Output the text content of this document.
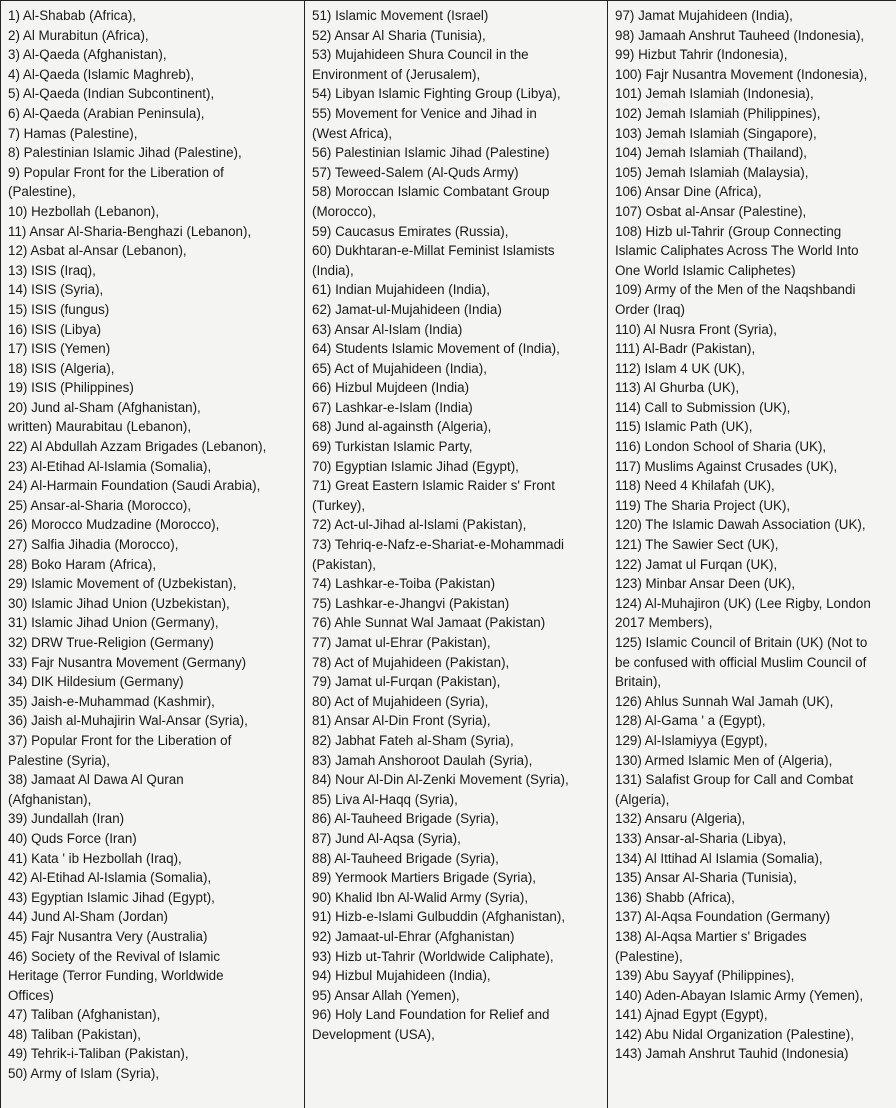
1) Al-Shabab (Africa),
2) Al Murabitun (Africa),
3) Al-Qaeda (Afghanistan),
4) Al-Qaeda (Islamic Maghreb),
5) Al-Qaeda (Indian Subcontinent),
6) Al-Qaeda (Arabian Peninsula),
7) Hamas (Palestine),
8) Palestinian Islamic Jihad (Palestine),
9) Popular Front for the Liberation of
(Palestine),
10) Hezbollah (Lebanon),
11) Ansar Al-Sharia-Benghazi (Lebanon),
12) Asbat al-Ansar (Lebanon),
13) ISIS (Iraq),
14) ISIS (Syria),
15) ISIS (fungus)
16) ISIS (Libya)
17) ISIS (Yemen)
18) ISIS (Algeria),
19) ISIS (Philippines)
20) Jund al-Sham (Afghanistan),
written) Maurabitau (Lebanon),
22) Al Abdullah Azzam Brigades (Lebanon),
23) Al-Etihad Al-Islamia (Somalia),
24) Al-Harmain Foundation (Saudi Arabia),
25) Ansar-al-Sharia (Morocco),
26) Morocco Mudzadine (Morocco),
27) Salfia Jihadia (Morocco),
28) Boko Haram (Africa),
29) Islamic Movement of (Uzbekistan),
30) Islamic Jihad Union (Uzbekistan),
31) Islamic Jihad Union (Germany),
32) DRW True-Religion (Germany)
33) Fajr Nusantra Movement (Germany)
34) DIK Hildesium (Germany)
35) Jaish-e-Muhammad (Kashmir),
36) Jaish al-Muhajirin Wal-Ansar (Syria),
37) Popular Front for the Liberation of
Palestine (Syria),
38) Jamaat Al Dawa Al Quran
(Afghanistan),
39) Jundallah (Iran)
40) Quds Force (Iran)
41) Kata ' ib Hezbollah (Iraq),
42) Al-Etihad Al-Islamia (Somalia),
43) Egyptian Islamic Jihad (Egypt),
44) Jund Al-Sham (Jordan)
45) Fajr Nusantra Very (Australia)
46) Society of the Revival of Islamic
Heritage (Terror Funding, Worldwide
Offices)
47) Taliban (Afghanistan),
48) Taliban (Pakistan),
49) Tehrik-i-Taliban (Pakistan),
50) Army of Islam (Syria),
51) Islamic Movement (Israel)
52) Ansar Al Sharia (Tunisia),
53) Mujahideen Shura Council in the
Environment of (Jerusalem),
54) Libyan Islamic Fighting Group (Libya),
55) Movement for Venice and Jihad in
(West Africa),
56) Palestinian Islamic Jihad (Palestine)
57) Teweed-Salem (Al-Quds Army)
58) Moroccan Islamic Combatant Group
(Morocco),
59) Caucasus Emirates (Russia),
60) Dukhtaran-e-Millat Feminist Islamists
(India),
61) Indian Mujahideen (India),
62) Jamat-ul-Mujahideen (India)
63) Ansar Al-Islam (India)
64) Students Islamic Movement of (India),
65) Act of Mujahideen (India),
66) Hizbul Mujdeen (India)
67) Lashkar-e-Islam (India)
68) Jund al-againsth (Algeria),
69) Turkistan Islamic Party,
70) Egyptian Islamic Jihad (Egypt),
71) Great Eastern Islamic Raider s' Front
(Turkey),
72) Act-ul-Jihad al-Islami (Pakistan),
73) Tehriq-e-Nafz-e-Shariat-e-Mohammadi
(Pakistan),
74) Lashkar-e-Toiba (Pakistan)
75) Lashkar-e-Jhangvi (Pakistan)
76) Ahle Sunnat Wal Jamaat (Pakistan)
77) Jamat ul-Ehrar (Pakistan),
78) Act of Mujahideen (Pakistan),
79) Jamat ul-Furqan (Pakistan),
80) Act of Mujahideen (Syria),
81) Ansar Al-Din Front (Syria),
82) Jabhat Fateh al-Sham (Syria),
83) Jamah Anshoroot Daulah (Syria),
84) Nour Al-Din Al-Zenki Movement (Syria),
85) Liva Al-Haqq (Syria),
86) Al-Tauheed Brigade (Syria),
87) Jund Al-Aqsa (Syria),
88) Al-Tauheed Brigade (Syria),
89) Yermook Martiers Brigade (Syria),
90) Khalid Ibn Al-Walid Army (Syria),
91) Hizb-e-Islami Gulbuddin (Afghanistan),
92) Jamaat-ul-Ehrar (Afghanistan)
93) Hizb ut-Tahrir (Worldwide Caliphate),
94) Hizbul Mujahideen (India),
95) Ansar Allah (Yemen),
96) Holy Land Foundation for Relief and
Development (USA),
97) Jamat Mujahideen (India),
98) Jamaah Anshrut Tauheed (Indonesia),
99) Hizbut Tahrir (Indonesia),
100) Fajr Nusantra Movement (Indonesia),
101) Jemah Islamiah (Indonesia),
102) Jemah Islamiah (Philippines),
103) Jemah Islamiah (Singapore),
104) Jemah Islamiah (Thailand),
105) Jemah Islamiah (Malaysia),
106) Ansar Dine (Africa),
107) Osbat al-Ansar (Palestine),
108) Hizb ul-Tahrir (Group Connecting
Islamic Caliphates Across The World Into
One World Islamic Caliphetes)
109) Army of the Men of the Naqshbandi
Order (Iraq)
110) Al Nusra Front (Syria),
111) Al-Badr (Pakistan),
112) Islam 4 UK (UK),
113) Al Ghurba (UK),
114) Call to Submission (UK),
115) Islamic Path (UK),
116) London School of Sharia (UK),
117) Muslims Against Crusades (UK),
118) Need 4 Khilafah (UK),
119) The Sharia Project (UK),
120) The Islamic Dawah Association (UK),
121) The Sawier Sect (UK),
122) Jamat ul Furqan (UK),
123) Minbar Ansar Deen (UK),
124) Al-Muhajiron (UK) (Lee Rigby, London
2017 Members),
125) Islamic Council of Britain (UK) (Not to
be confused with official Muslim Council of
Britain),
126) Ahlus Sunnah Wal Jamah (UK),
128) Al-Gama ' a (Egypt),
129) Al-Islamiyya (Egypt),
130) Armed Islamic Men of (Algeria),
131) Salafist Group for Call and Combat
(Algeria),
132) Ansaru (Algeria),
133) Ansar-al-Sharia (Libya),
134) Al Ittihad Al Islamia (Somalia),
135) Ansar Al-Sharia (Tunisia),
136) Shabb (Africa),
137) Al-Aqsa Foundation (Germany)
138) Al-Aqsa Martier s' Brigades
(Palestine),
139) Abu Sayyaf (Philippines),
140) Aden-Abayan Islamic Army (Yemen),
141) Ajnad Egypt (Egypt),
142) Abu Nidal Organization (Palestine),
143) Jamah Anshrut Tauhid (Indonesia)
